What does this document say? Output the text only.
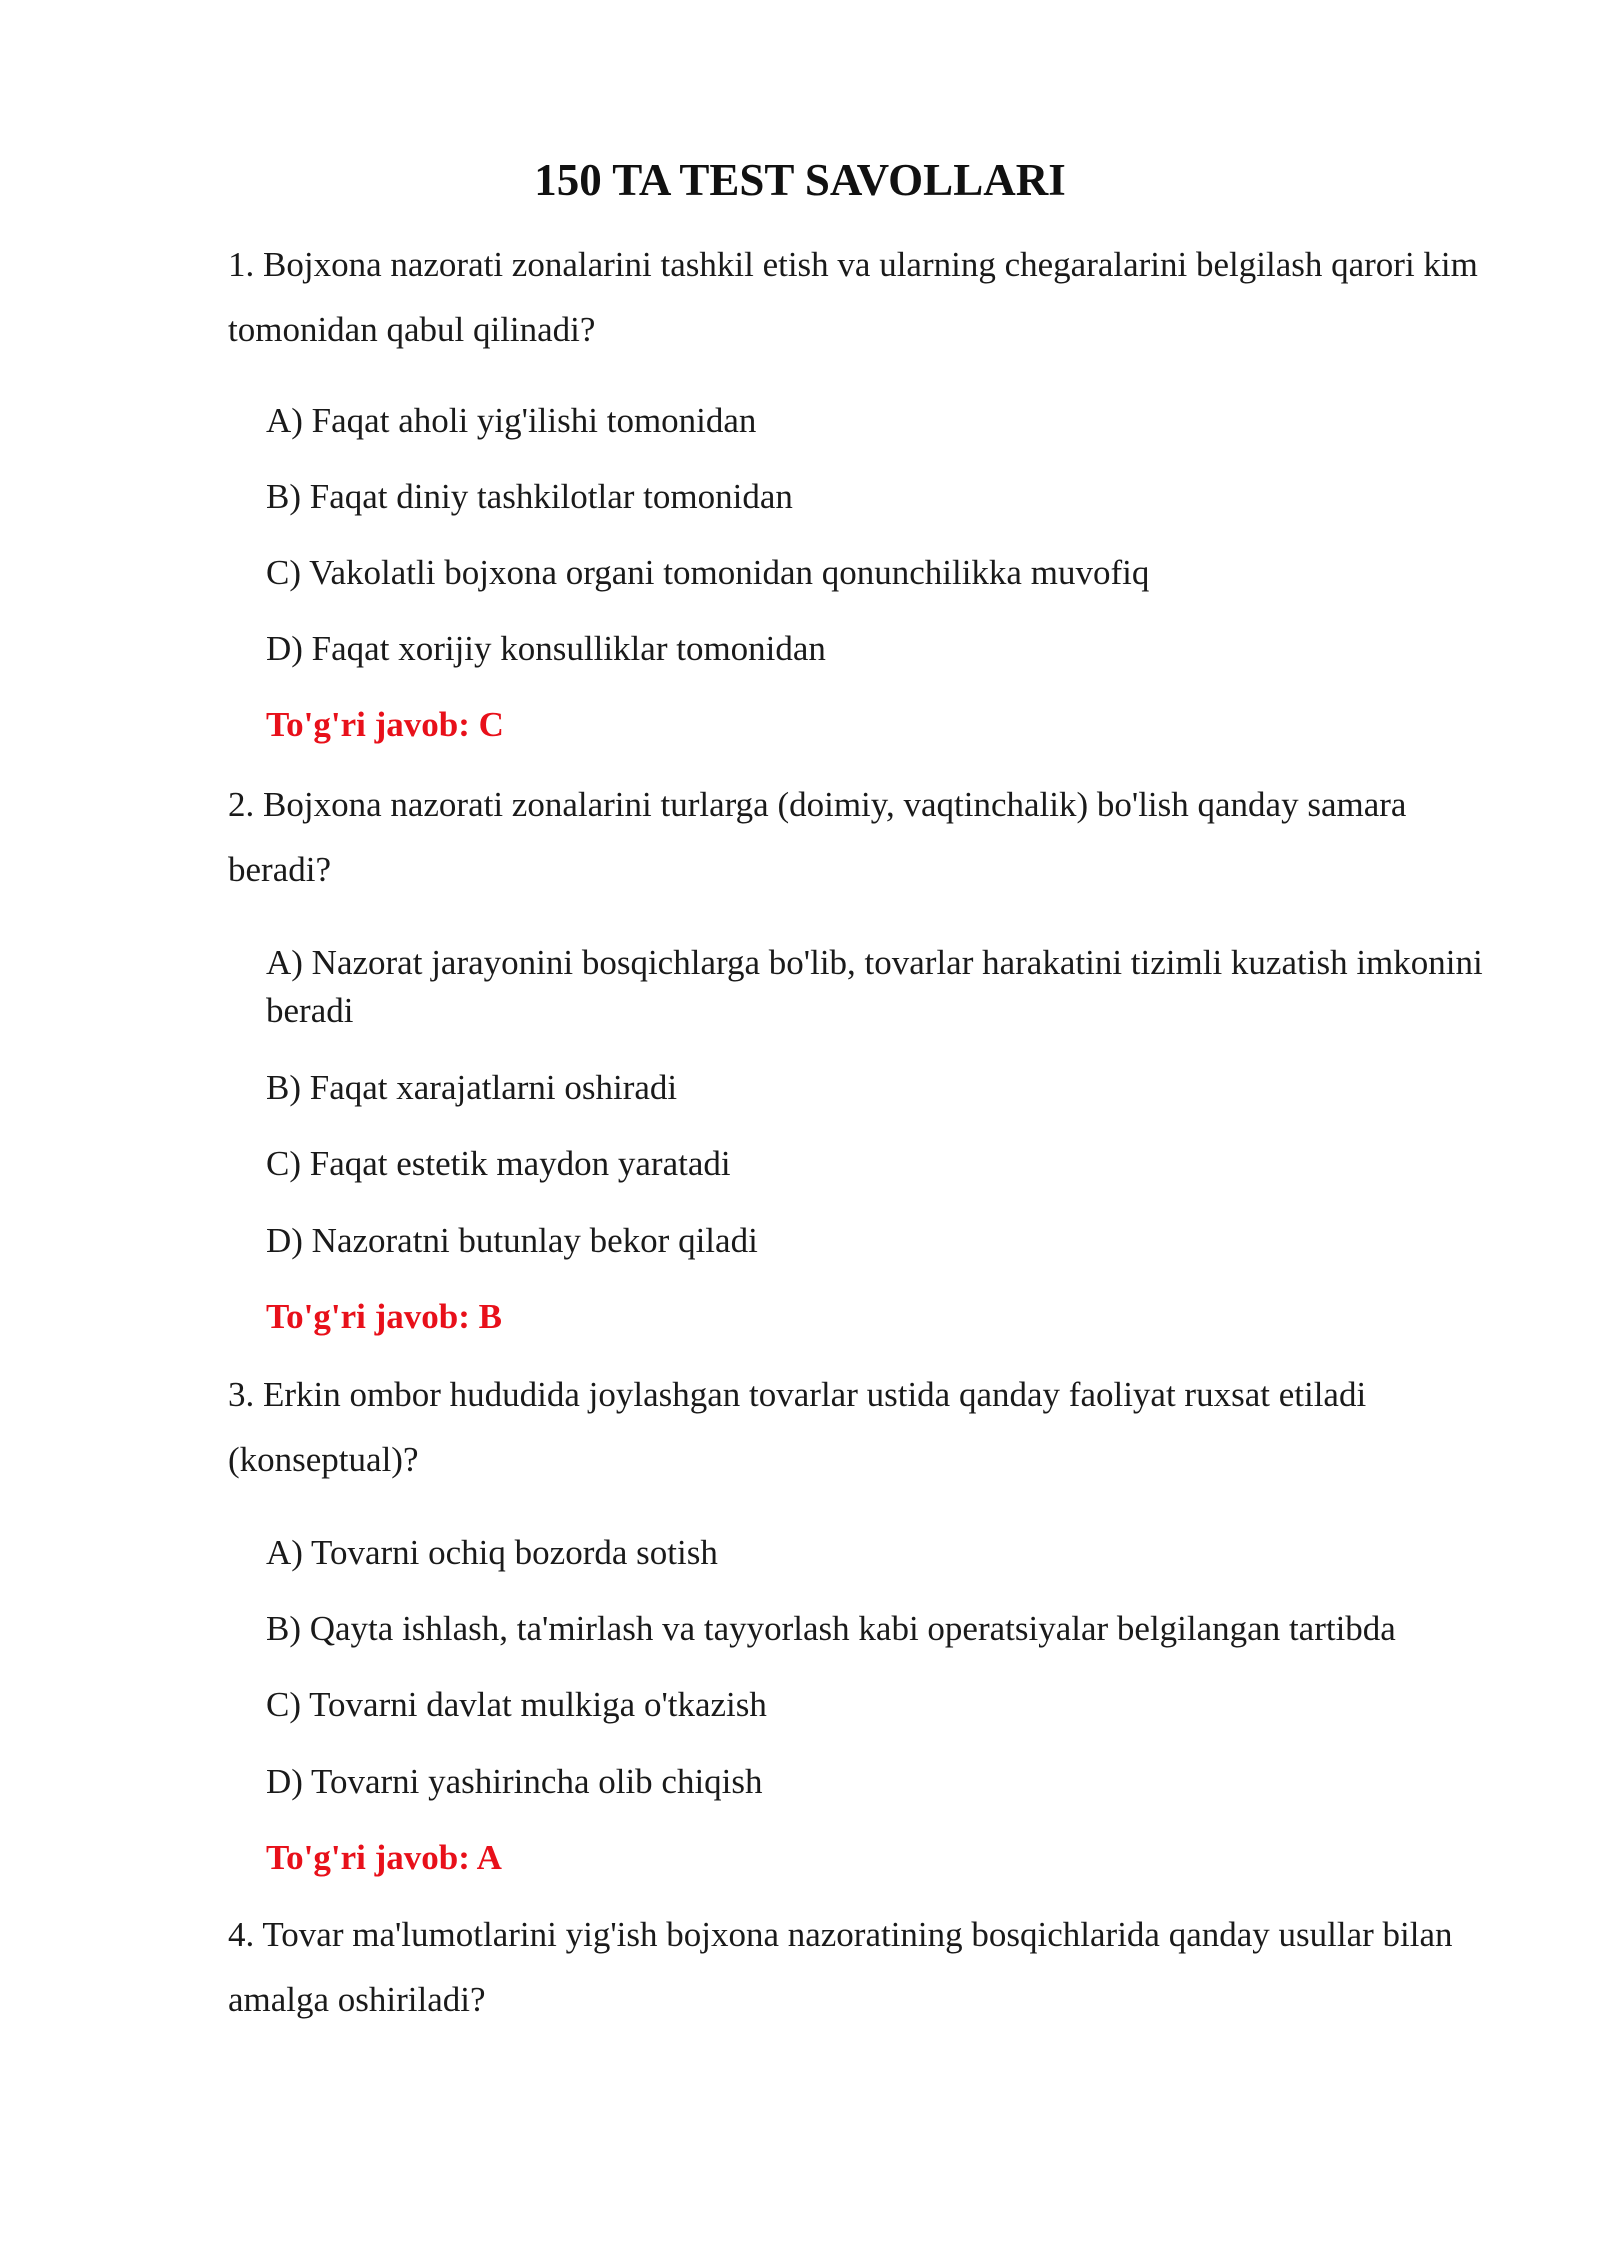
150 TA TEST SAVOLLARI

1. Bojxona nazorati zonalarini tashkil etish va ularning chegaralarini belgilash qarori kim tomonidan qabul qilinadi?

A) Faqat aholi yig'ilishi tomonidan

B) Faqat diniy tashkilotlar tomonidan

C) Vakolatli bojxona organi tomonidan qonunchilikka muvofiq

D) Faqat xorijiy konsulliklar tomonidan

To'g'ri javob: C

2. Bojxona nazorati zonalarini turlarga (doimiy, vaqtinchalik) bo'lish qanday samara beradi?

A) Nazorat jarayonini bosqichlarga bo'lib, tovarlar harakatini tizimli kuzatish imkonini beradi

B) Faqat xarajatlarni oshiradi

C) Faqat estetik maydon yaratadi

D) Nazoratni butunlay bekor qiladi

To'g'ri javob: B

3. Erkin ombor hududida joylashgan tovarlar ustida qanday faoliyat ruxsat etiladi (konseptual)?

A) Tovarni ochiq bozorda sotish

B) Qayta ishlash, ta'mirlash va tayyorlash kabi operatsiyalar belgilangan tartibda

C) Tovarni davlat mulkiga o'tkazish

D) Tovarni yashirincha olib chiqish

To'g'ri javob: A

4. Tovar ma'lumotlarini yig'ish bojxona nazoratining bosqichlarida qanday usullar bilan amalga oshiriladi?
